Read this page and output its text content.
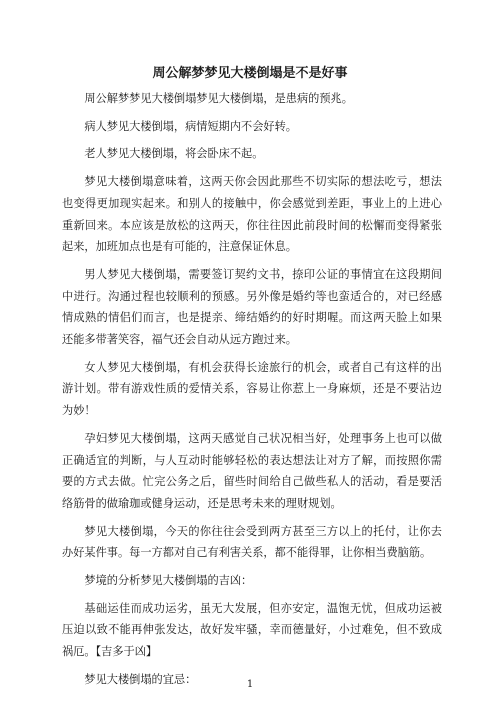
周公解梦梦见大楼倒塌是不是好事

周公解梦梦见大楼倒塌梦见大楼倒塌，是患病的预兆。

病人梦见大楼倒塌，病情短期内不会好转。

老人梦见大楼倒塌，将会卧床不起。

梦见大楼倒塌意味着，这两天你会因此那些不切实际的想法吃亏，想法也变得更加现实起来。和别人的接触中，你会感觉到差距，事业上的上进心重新回来。本应该是放松的这两天，你往往因此前段时间的松懈而变得紧张起来，加班加点也是有可能的，注意保证休息。

男人梦见大楼倒塌，需要签订契约文书，捺印公证的事情宜在这段期间中进行。沟通过程也较顺利的预感。另外像是婚约等也蛮适合的，对已经感情成熟的情侣们而言，也是提亲、缔结婚约的好时期喔。而这两天脸上如果还能多带著笑容，福气还会自动从远方跑过来。

女人梦见大楼倒塌，有机会获得长途旅行的机会，或者自己有这样的出游计划。带有游戏性质的爱情关系，容易让你惹上一身麻烦，还是不要沾边为妙！

孕妇梦见大楼倒塌，这两天感觉自己状况相当好，处理事务上也可以做正确适宜的判断，与人互动时能够轻松的表达想法让对方了解，而按照你需要的方式去做。忙完公务之后，留些时间给自己做些私人的活动，看是要活络筋骨的做瑜珈或健身运动，还是思考未来的理财规划。

梦见大楼倒塌，今天的你往往会受到两方甚至三方以上的托付，让你去办好某件事。每一方都对自己有利害关系，都不能得罪，让你相当费脑筋。

梦境的分析梦见大楼倒塌的吉凶：

基础运佳而成功运劣，虽无大发展，但亦安定，温饱无忧，但成功运被压迫以致不能再伸张发达，故好发牢骚，幸而德量好，小过难免，但不致成祸厄。【吉多于凶】

梦见大楼倒塌的宜忌：	1
